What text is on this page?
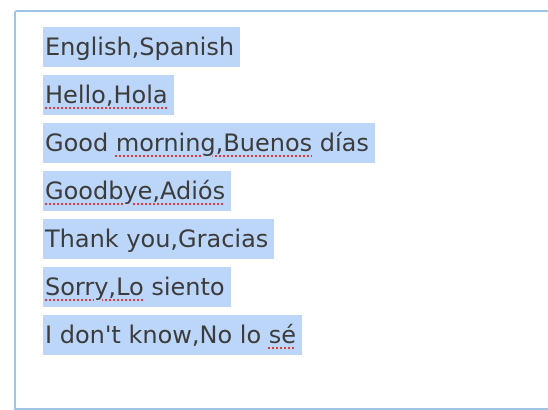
English,Spanish
Hello,Hola
Good morning,Buenos días
Goodbye,Adiós
Thank you,Gracias
Sorry,Lo siento
I don't know,No lo sé
